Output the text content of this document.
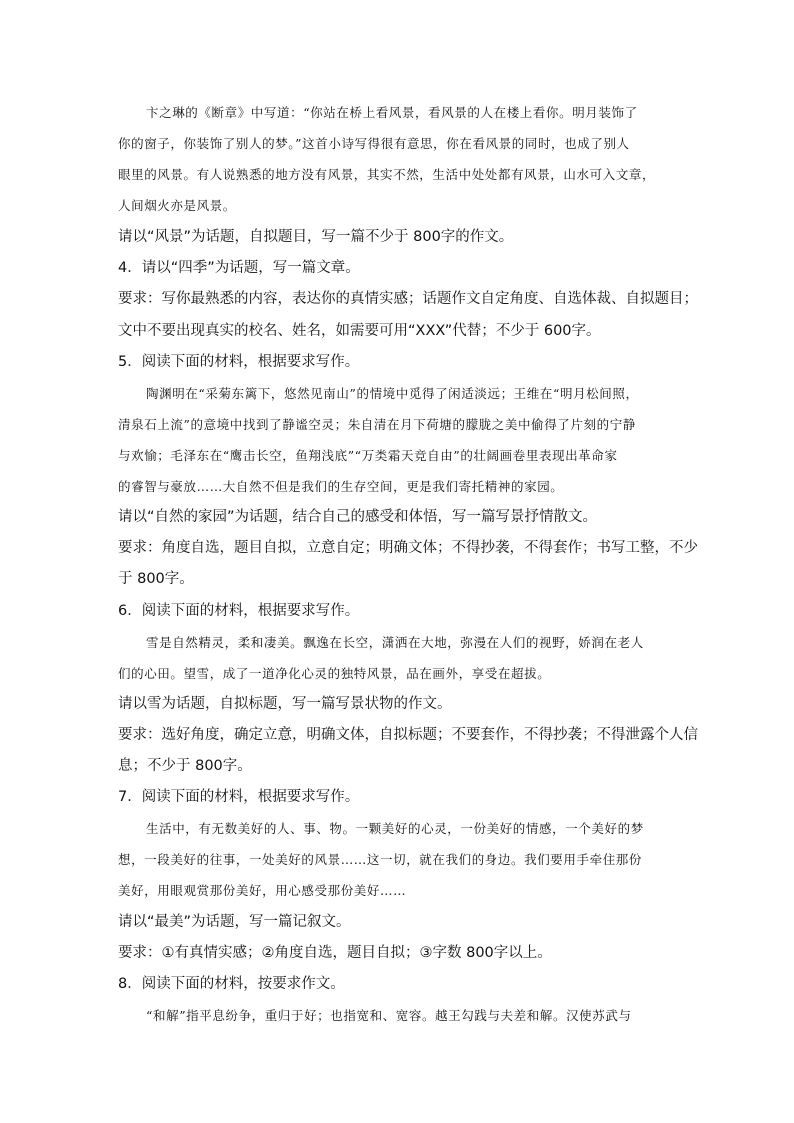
卞之琳的《断章》中写道：“你站在桥上看风景，看风景的人在楼上看你。明月装饰了

你的窗子，你装饰了别人的梦。”这首小诗写得很有意思，你在看风景的同时，也成了别人

眼里的风景。有人说熟悉的地方没有风景，其实不然，生活中处处都有风景，山水可入文章，

人间烟火亦是风景。

请以“风景”为话题，自拟题目，写一篇不少于 800字的作文。

4．请以“四季”为话题，写一篇文章。

要求：写你最熟悉的内容，表达你的真情实感；话题作文自定角度、自选体裁、自拟题目；

文中不要出现真实的校名、姓名，如需要可用“XXX”代替；不少于 600字。

5．阅读下面的材料，根据要求写作。

陶渊明在“采菊东篱下，悠然见南山”的情境中觅得了闲适淡远；王维在“明月松间照，

清泉石上流”的意境中找到了静谧空灵；朱自清在月下荷塘的朦胧之美中偷得了片刻的宁静

与欢愉；毛泽东在“鹰击长空，鱼翔浅底”“万类霜天竞自由”的壮阔画卷里表现出革命家

的睿智与豪放……大自然不但是我们的生存空间，更是我们寄托精神的家园。

请以“自然的家园”为话题，结合自己的感受和体悟，写一篇写景抒情散文。

要求：角度自选，题目自拟，立意自定；明确文体；不得抄袭，不得套作；书写工整，不少

于 800字。

6．阅读下面的材料，根据要求写作。

雪是自然精灵，柔和凄美。飘逸在长空，潇洒在大地，弥漫在人们的视野，娇润在老人

们的心田。望雪，成了一道净化心灵的独特风景，品在画外，享受在超拔。

请以雪为话题，自拟标题，写一篇写景状物的作文。

要求：选好角度，确定立意，明确文体，自拟标题；不要套作，不得抄袭；不得泄露个人信

息；不少于 800字。

7．阅读下面的材料，根据要求写作。

生活中，有无数美好的人、事、物。一颗美好的心灵，一份美好的情感，一个美好的梦

想，一段美好的往事，一处美好的风景……这一切，就在我们的身边。我们要用手牵住那份

美好，用眼观赏那份美好，用心感受那份美好……

请以“最美”为话题，写一篇记叙文。

要求：①有真情实感；②角度自选，题目自拟；③字数 800字以上。

8．阅读下面的材料，按要求作文。

“和解”指平息纷争，重归于好；也指宽和、宽容。越王勾践与夫差和解。汉使苏武与
